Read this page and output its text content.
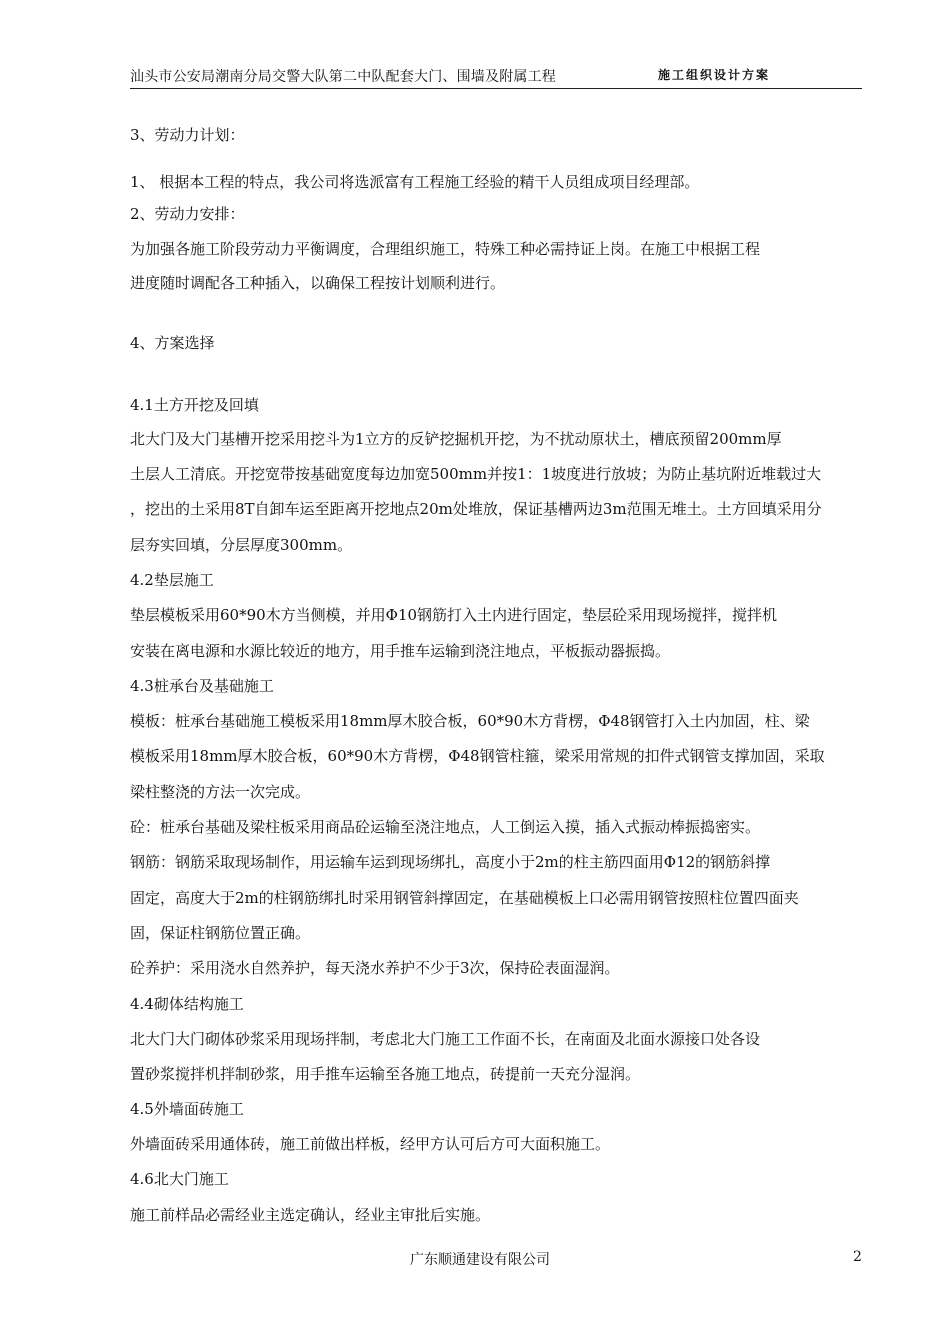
汕头市公安局潮南分局交警大队第二中队配套大门、围墙及附属工程	施工组织设计方案
3、劳动力计划：
1、 根据本工程的特点，我公司将选派富有工程施工经验的精干人员组成项目经理部。
2、劳动力安排：
为加强各施工阶段劳动力平衡调度，合理组织施工，特殊工种必需持证上岗。在施工中根据工程
进度随时调配各工种插入，以确保工程按计划顺利进行。
4、方案选择
4.1土方开挖及回填
北大门及大门基槽开挖采用挖斗为1立方的反铲挖掘机开挖，为不扰动原状土，槽底预留200mm厚
土层人工清底。开挖宽带按基础宽度每边加宽500mm并按1：1坡度进行放坡；为防止基坑附近堆载过大
，挖出的土采用8T自卸车运至距离开挖地点20m处堆放，保证基槽两边3m范围无堆土。土方回填采用分
层夯实回填，分层厚度300mm。
4.2垫层施工
垫层模板采用60*90木方当侧模，并用Φ10钢筋打入土内进行固定，垫层砼采用现场搅拌，搅拌机
安装在离电源和水源比较近的地方，用手推车运输到浇注地点，平板振动器振捣。
4.3桩承台及基础施工
模板：桩承台基础施工模板采用18mm厚木胶合板，60*90木方背楞，Φ48钢管打入土内加固，柱、梁
模板采用18mm厚木胶合板，60*90木方背楞，Φ48钢管柱箍，梁采用常规的扣件式钢管支撑加固，采取
梁柱整浇的方法一次完成。
砼：桩承台基础及梁柱板采用商品砼运输至浇注地点，人工倒运入摸，插入式振动棒振捣密实。
钢筋：钢筋采取现场制作，用运输车运到现场绑扎，高度小于2m的柱主筋四面用Φ12的钢筋斜撑
固定，高度大于2m的柱钢筋绑扎时采用钢管斜撑固定，在基础模板上口必需用钢管按照柱位置四面夹
固，保证柱钢筋位置正确。
砼养护：采用浇水自然养护，每天浇水养护不少于3次，保持砼表面湿润。
4.4砌体结构施工
北大门大门砌体砂浆采用现场拌制，考虑北大门施工工作面不长，在南面及北面水源接口处各设
置砂浆搅拌机拌制砂浆，用手推车运输至各施工地点，砖提前一天充分湿润。
4.5外墙面砖施工
外墙面砖采用通体砖，施工前做出样板，经甲方认可后方可大面积施工。
4.6北大门施工
施工前样品必需经业主选定确认，经业主审批后实施。
广东顺通建设有限公司	2
